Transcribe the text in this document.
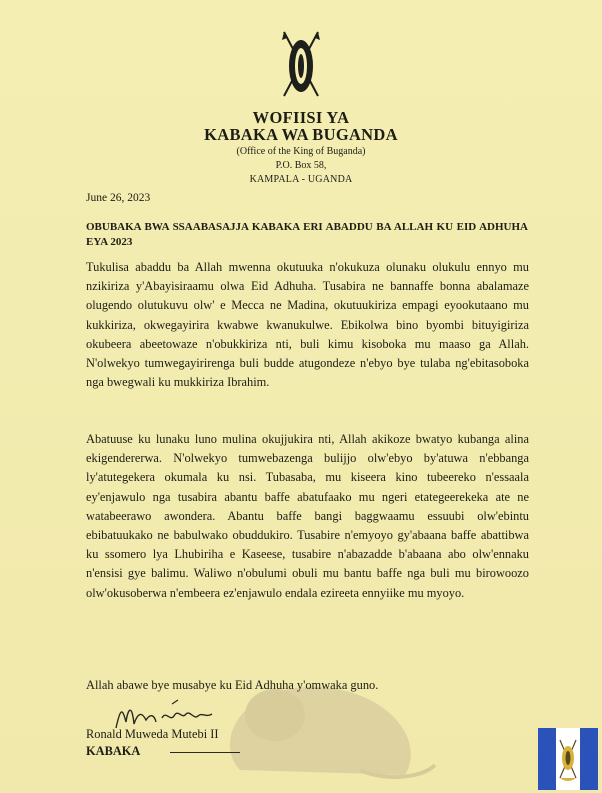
WOFIISI YA
KABAKA WA BUGANDA
(Office of the King of Buganda)
P.O. Box 58,
KAMPALA - UGANDA
June 26, 2023
OBUBAKA BWA SSAABASAJJA KABAKA ERI ABADDU BA ALLAH KU EID ADHUHA EYA 2023

Tukulisa abaddu ba Allah mwenna okutuuka n'okukuza olunaku olukulu ennyo mu nzikiriza y'Abayisiraamu olwa Eid Adhuha. Tusabira ne bannaffe bonna abalamaze olugendo olutukuvu olw' e Mecca ne Madina, okutuukiriza empagi eyookutaano mu kukkiriza, okwegayirira kwabwe kwanukulwe. Ebikolwa bino byombi bituyigiriza okubeera abeetowaze n'obukkiriza nti, buli kimu kisoboka mu maaso ga Allah. N'olwekyo tumwegayirirenga buli budde atugondeze n'ebyo bye tulaba ng'ebitasoboka nga bwegwali ku mukkiriza Ibrahim.

Abatuuse ku lunaku luno mulina okujjukira nti, Allah akikoze bwatyo kubanga alina ekigendererwa. N'olwekyo tumwebazenga bulijjo olw'ebyo by'atuwa n'ebbanga ly'atutegekera okumala ku nsi. Tubasaba, mu kiseera kino tubeereko n'essaala ey'enjawulo nga tusabira abantu baffe abatufaako mu ngeri etategeerekeka ate ne watabeerawo awondera. Abantu baffe bangi baggwaamu essuubi olw'ebintu ebibatuukako ne babulwako obuddukiro. Tusabire n'emyoyo gy'abaana baffe abattibwa ku ssomero lya Lhubiriha e Kaseese, tusabire n'abazadde b'abaana abo olw'ennaku n'ensisi gye balimu. Waliwo n'obulumi obuli mu bantu baffe nga buli mu birowoozo olw'okusoberwa n'embeera ez'enjawulo endala ezireeta ennyiike mu myoyo.

Allah abawe bye musabye ku Eid Adhuha y'omwaka guno.

Ronald Muweda Mutebi II
KABAKA
